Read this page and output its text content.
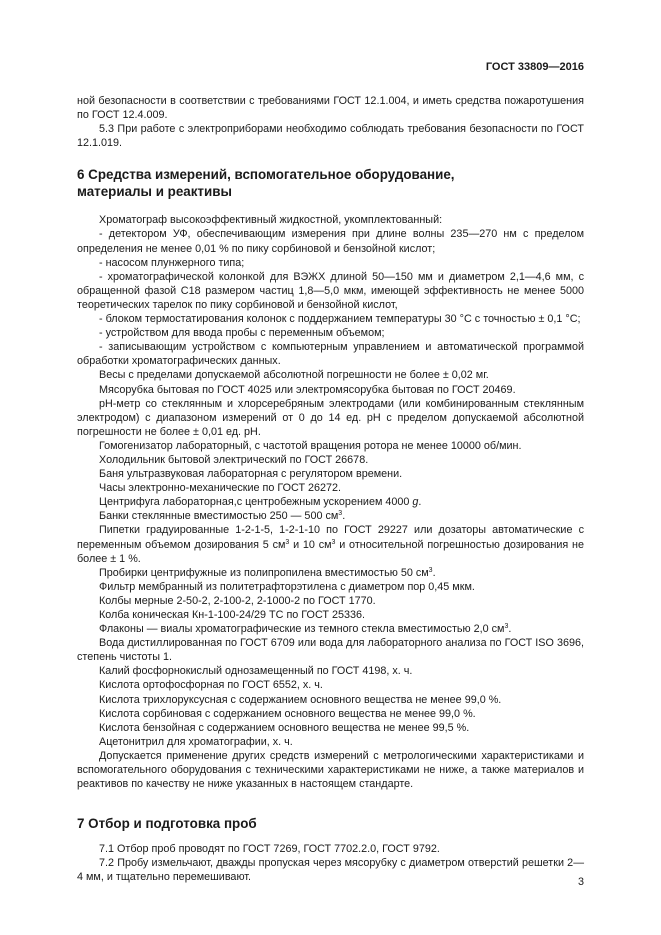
ГОСТ 33809—2016

ной безопасности в соответствии с требованиями ГОСТ 12.1.004, и иметь средства пожаротушения по ГОСТ 12.4.009.

5.3 При работе с электроприборами необходимо соблюдать требования безопасности по ГОСТ 12.1.019.

6 Средства измерений, вспомогательное оборудование,
материалы и реактивы

Хроматограф высокоэффективный жидкостной, укомплектованный:

- детектором УФ, обеспечивающим измерения при длине волны 235—270 нм с пределом определения не менее 0,01 % по пику сорбиновой и бензойной кислот;

- насосом плунжерного типа;

- хроматографической колонкой для ВЭЖХ длиной 50—150 мм и диаметром 2,1—4,6 мм, с обращенной фазой С18 размером частиц 1,8—5,0 мкм, имеющей эффективность не менее 5000 теоретических тарелок по пику сорбиновой и бензойной кислот,

- блоком термостатирования колонок с поддержанием температуры 30 °С с точностью ± 0,1 °С;

- устройством для ввода пробы с переменным объемом;

- записывающим устройством с компьютерным управлением и автоматической программой обработки хроматографических данных.

Весы с пределами допускаемой абсолютной погрешности не более ± 0,02 мг.

Мясорубка бытовая по ГОСТ 4025 или электромясорубка бытовая по ГОСТ 20469.

рН-метр со стеклянным и хлорсеребряным электродами (или комбинированным стеклянным электродом) с диапазоном измерений от 0 до 14 ед. рН с пределом допускаемой абсолютной погрешности не более ± 0,01 ед. рН.

Гомогенизатор лабораторный, с частотой вращения ротора не менее 10000 об/мин.

Холодильник бытовой электрический по ГОСТ 26678.

Баня ультразвуковая лабораторная с регулятором времени.

Часы электронно-механические по ГОСТ 26272.

Центрифуга лабораторная,с центробежным ускорением 4000 g.

Банки стеклянные вместимостью 250 — 500 $см^3$.

Пипетки градуированные 1-2-1-5, 1-2-1-10 по ГОСТ 29227 или дозаторы автоматические с переменным объемом дозирования 5 $см^3$ и 10 $см^3$ и относительной погрешностью дозирования не более ± 1 %.

Пробирки центрифужные из полипропилена вместимостью 50 $см^3$.

Фильтр мембранный из политетрафторэтилена с диаметром пор 0,45 мкм.

Колбы мерные 2-50-2, 2-100-2, 2-1000-2 по ГОСТ 1770.

Колба коническая Кн-1-100-24/29 ТС по ГОСТ 25336.

Флаконы — виалы хроматографические из темного стекла вместимостью 2,0 $см^3$.

Вода дистиллированная по ГОСТ 6709 или вода для лабораторного анализа по ГОСТ ISO 3696, степень чистоты 1.

Калий фосфорнокислый однозамещенный по ГОСТ 4198, х. ч.

Кислота ортофосфорная по ГОСТ 6552, х. ч.

Кислота трихлоруксусная с содержанием основного вещества не менее 99,0 %.

Кислота сорбиновая с содержанием основного вещества не менее 99,0 %.

Кислота бензойная с содержанием основного вещества не менее 99,5 %.

Ацетонитрил для хроматографии, х. ч.

Допускается применение других средств измерений с метрологическими характеристиками и вспомогательного оборудования с техническими характеристиками не ниже, а также материалов и реактивов по качеству не ниже указанных в настоящем стандарте.

7 Отбор и подготовка проб

7.1 Отбор проб проводят по ГОСТ 7269, ГОСТ 7702.2.0, ГОСТ 9792.

7.2 Пробу измельчают, дважды пропуская через мясорубку с диаметром отверстий решетки 2—4 мм, и тщательно перемешивают.	3
